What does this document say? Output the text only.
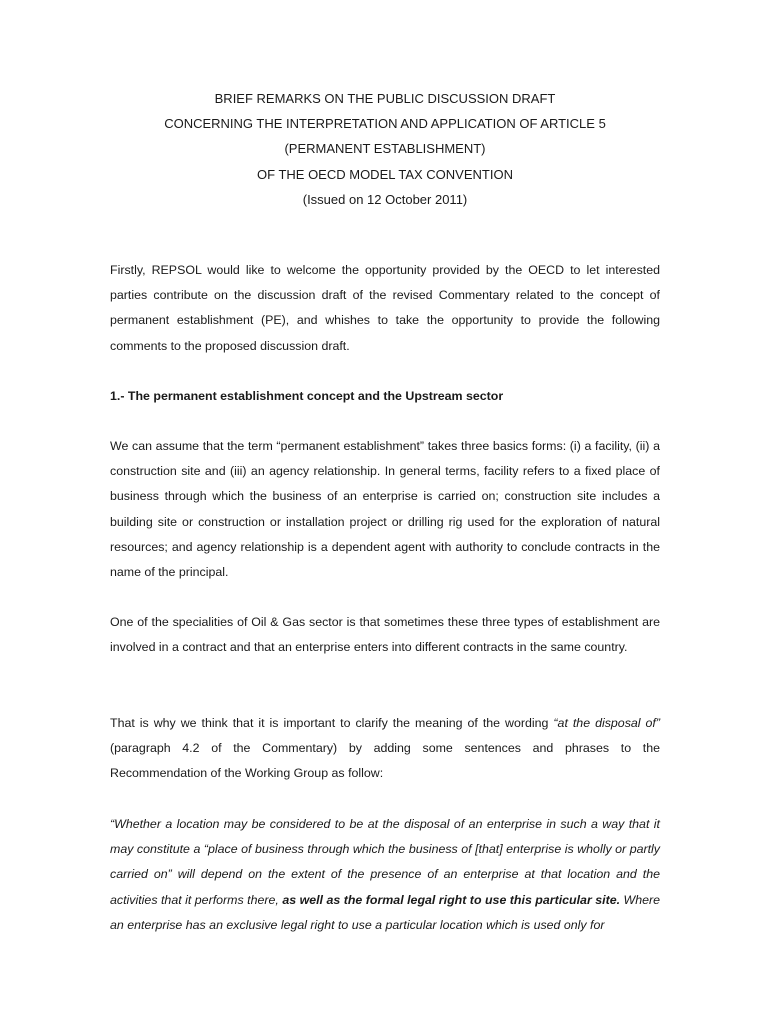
BRIEF REMARKS ON THE PUBLIC DISCUSSION DRAFT
CONCERNING THE INTERPRETATION AND APPLICATION OF ARTICLE 5
(PERMANENT ESTABLISHMENT)
OF THE OECD MODEL TAX CONVENTION
(Issued on 12 October 2011)

Firstly, REPSOL would like to welcome the opportunity provided by the OECD to let interested parties contribute on the discussion draft of the revised Commentary related to the concept of permanent establishment (PE), and whishes to take the opportunity to provide the following comments to the proposed discussion draft.

1.- The permanent establishment concept and the Upstream sector

We can assume that the term “permanent establishment” takes three basics forms: (i) a facility, (ii) a construction site and (iii) an agency relationship. In general terms, facility refers to a fixed place of business through which the business of an enterprise is carried on; construction site includes a building site or construction or installation project or drilling rig used for the exploration of natural resources; and agency relationship is a dependent agent with authority to conclude contracts in the name of the principal.

One of the specialities of Oil & Gas sector is that sometimes these three types of establishment are involved in a contract and that an enterprise enters into different contracts in the same country.

That is why we think that it is important to clarify the meaning of the wording “at the disposal of” (paragraph 4.2 of the Commentary) by adding some sentences and phrases to the Recommendation of the Working Group as follow:

“Whether a location may be considered to be at the disposal of an enterprise in such a way that it may constitute a “place of business through which the business of [that] enterprise is wholly or partly carried on” will depend on the extent of the presence of an enterprise at that location and the activities that it performs there, as well as the formal legal right to use this particular site. Where an enterprise has an exclusive legal right to use a particular location which is used only for
